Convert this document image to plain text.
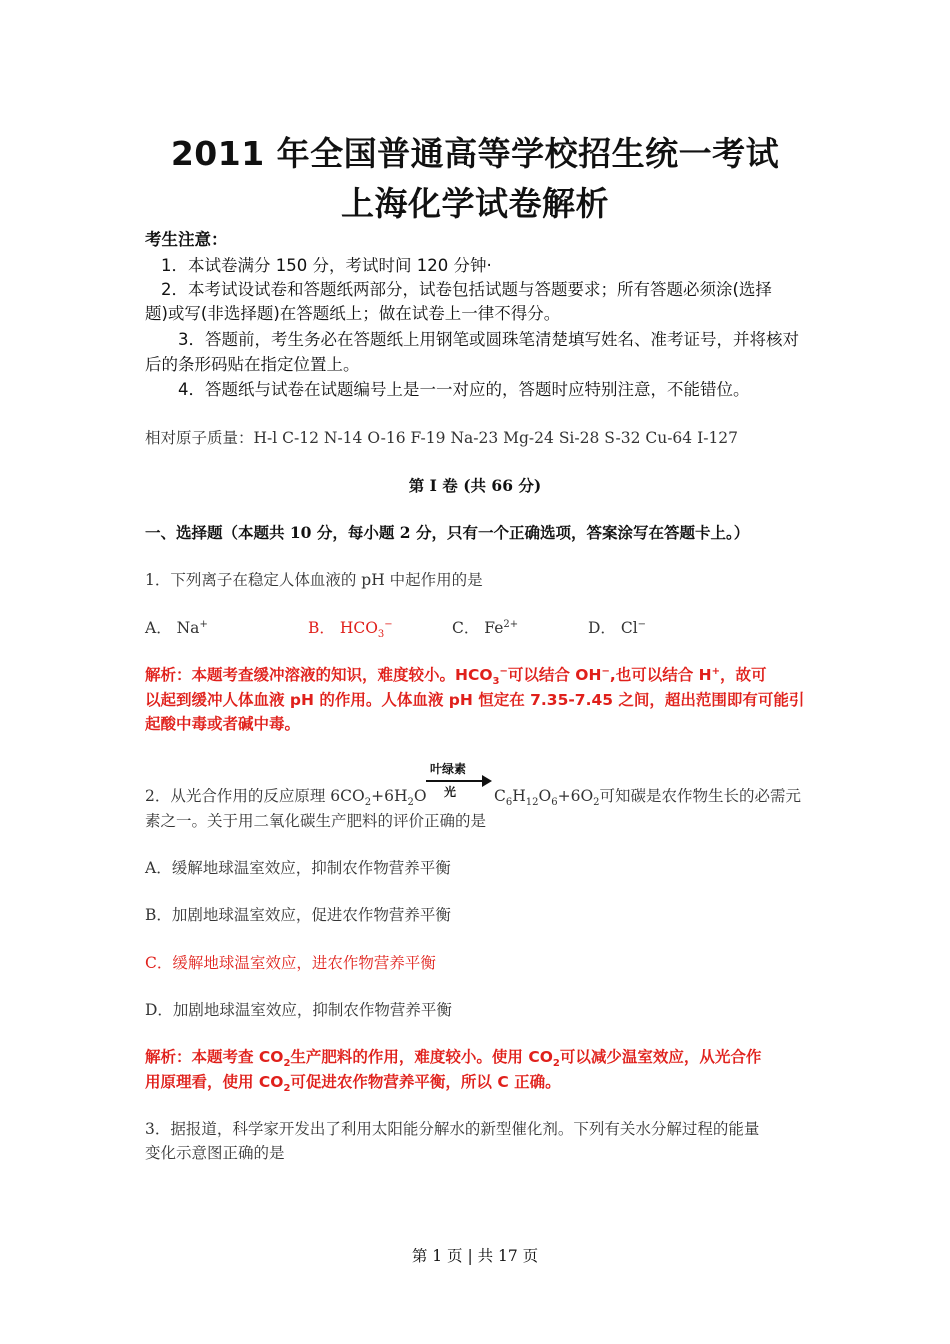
2011 年全国普通高等学校招生统一考试
上海化学试卷解析
考生注意：
1．本试卷满分 150 分，考试时间 120 分钟·
2．本考试设试卷和答题纸两部分，试卷包括试题与答题要求；所有答题必须涂(选择
题)或写(非选择题)在答题纸上；做在试卷上一律不得分。
3．答题前，考生务必在答题纸上用钢笔或圆珠笔清楚填写姓名、准考证号，并将核对
后的条形码贴在指定位置上。
4．答题纸与试卷在试题编号上是一一对应的，答题时应特别注意，不能错位。
相对原子质量：H-l C-12 N-14 O-16 F-19 Na-23 Mg-24 Si-28 S-32 Cu-64 I-127
第 I 卷 (共 66 分)
一、选择题（本题共 10 分，每小题 2 分，只有一个正确选项，答案涂写在答题卡上。）
1．下列离子在稳定人体血液的 pH 中起作用的是
A． Na+	B． $HCO_3^-$	C． $Fe^{2+}$	D． Cl−
解析：本题考查缓冲溶液的知识，难度较小。$HCO_3^-$可以结合 OH−,也可以结合 H+，故可
以起到缓冲人体血液 pH 的作用。人体血液 pH 恒定在 7.35-7.45 之间，超出范围即有可能引
起酸中毒或者碱中毒。
2．从光合作用的反应原理 $6CO_2+6H_2O$
叶绿素
光 $C_6H_{12}O_6+6O_2$可知碳是农作物生长的必需元
素之一。关于用二氧化碳生产肥料的评价正确的是
A．缓解地球温室效应，抑制农作物营养平衡
B．加剧地球温室效应，促进农作物营养平衡
C．缓解地球温室效应，进农作物营养平衡
D．加剧地球温室效应，抑制农作物营养平衡
解析：本题考查 $CO_2$生产肥料的作用，难度较小。使用 $CO_2$可以减少温室效应，从光合作
用原理看，使用 $CO_2$可促进农作物营养平衡，所以 C 正确。
3．据报道，科学家开发出了利用太阳能分解水的新型催化剂。下列有关水分解过程的能量
变化示意图正确的是
第 1 页 | 共 17 页
